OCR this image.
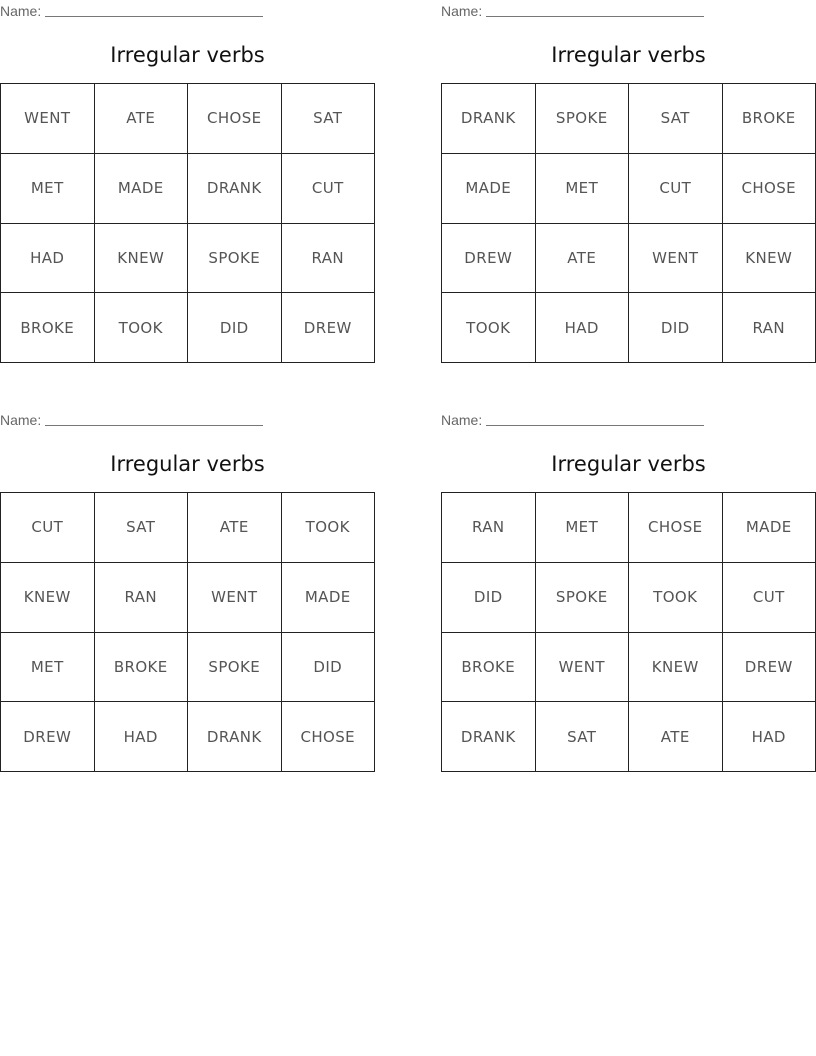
Name:
Irregular verbs
WENT	ATE	CHOSE	SAT
MET	MADE	DRANK	CUT
HAD	KNEW	SPOKE	RAN
BROKE	TOOK	DID	DREW
Name:
Irregular verbs
DRANK	SPOKE	SAT	BROKE
MADE	MET	CUT	CHOSE
DREW	ATE	WENT	KNEW
TOOK	HAD	DID	RAN
Name:
Irregular verbs
CUT	SAT	ATE	TOOK
KNEW	RAN	WENT	MADE
MET	BROKE	SPOKE	DID
DREW	HAD	DRANK	CHOSE
Name:
Irregular verbs
RAN	MET	CHOSE	MADE
DID	SPOKE	TOOK	CUT
BROKE	WENT	KNEW	DREW
DRANK	SAT	ATE	HAD
